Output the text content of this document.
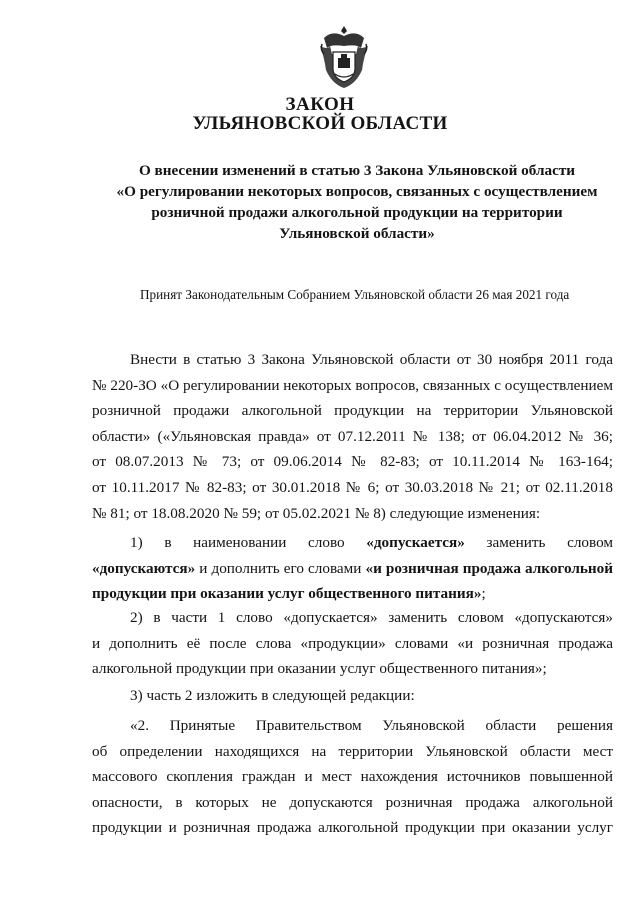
ЗАКОН
УЛЬЯНОВСКОЙ ОБЛАСТИ
О внесении изменений в статью 3 Закона Ульяновской области
«О регулировании некоторых вопросов, связанных с осуществлением
розничной продажи алкогольной продукции на территории
Ульяновской области»
Принят Законодательным Собранием Ульяновской области 26 мая 2021 года
Внести в статью 3 Закона Ульяновской области от 30 ноября 2011 года
№ 220-ЗО «О регулировании некоторых вопросов, связанных с осуществлением
розничной продажи алкогольной продукции на территории Ульяновской
области» («Ульяновская правда» от 07.12.2011 № 138; от 06.04.2012 № 36;
от 08.07.2013 № 73; от 09.06.2014 № 82-83; от 10.11.2014 № 163-164;
от 10.11.2017 № 82-83; от 30.01.2018 № 6; от 30.03.2018 № 21; от 02.11.2018
№ 81; от 18.08.2020 № 59; от 05.02.2021 № 8) следующие изменения:
1) в наименовании слово «допускается» заменить словом
«допускаются» и дополнить его словами «и розничная продажа алкогольной
продукции при оказании услуг общественного питания»;
2) в части 1 слово «допускается» заменить словом «допускаются»
и дополнить её после слова «продукции» словами «и розничная продажа
алкогольной продукции при оказании услуг общественного питания»;
3) часть 2 изложить в следующей редакции:
«2. Принятые Правительством Ульяновской области решения
об определении находящихся на территории Ульяновской области мест
массового скопления граждан и мест нахождения источников повышенной
опасности, в которых не допускаются розничная продажа алкогольной
продукции и розничная продажа алкогольной продукции при оказании услуг
